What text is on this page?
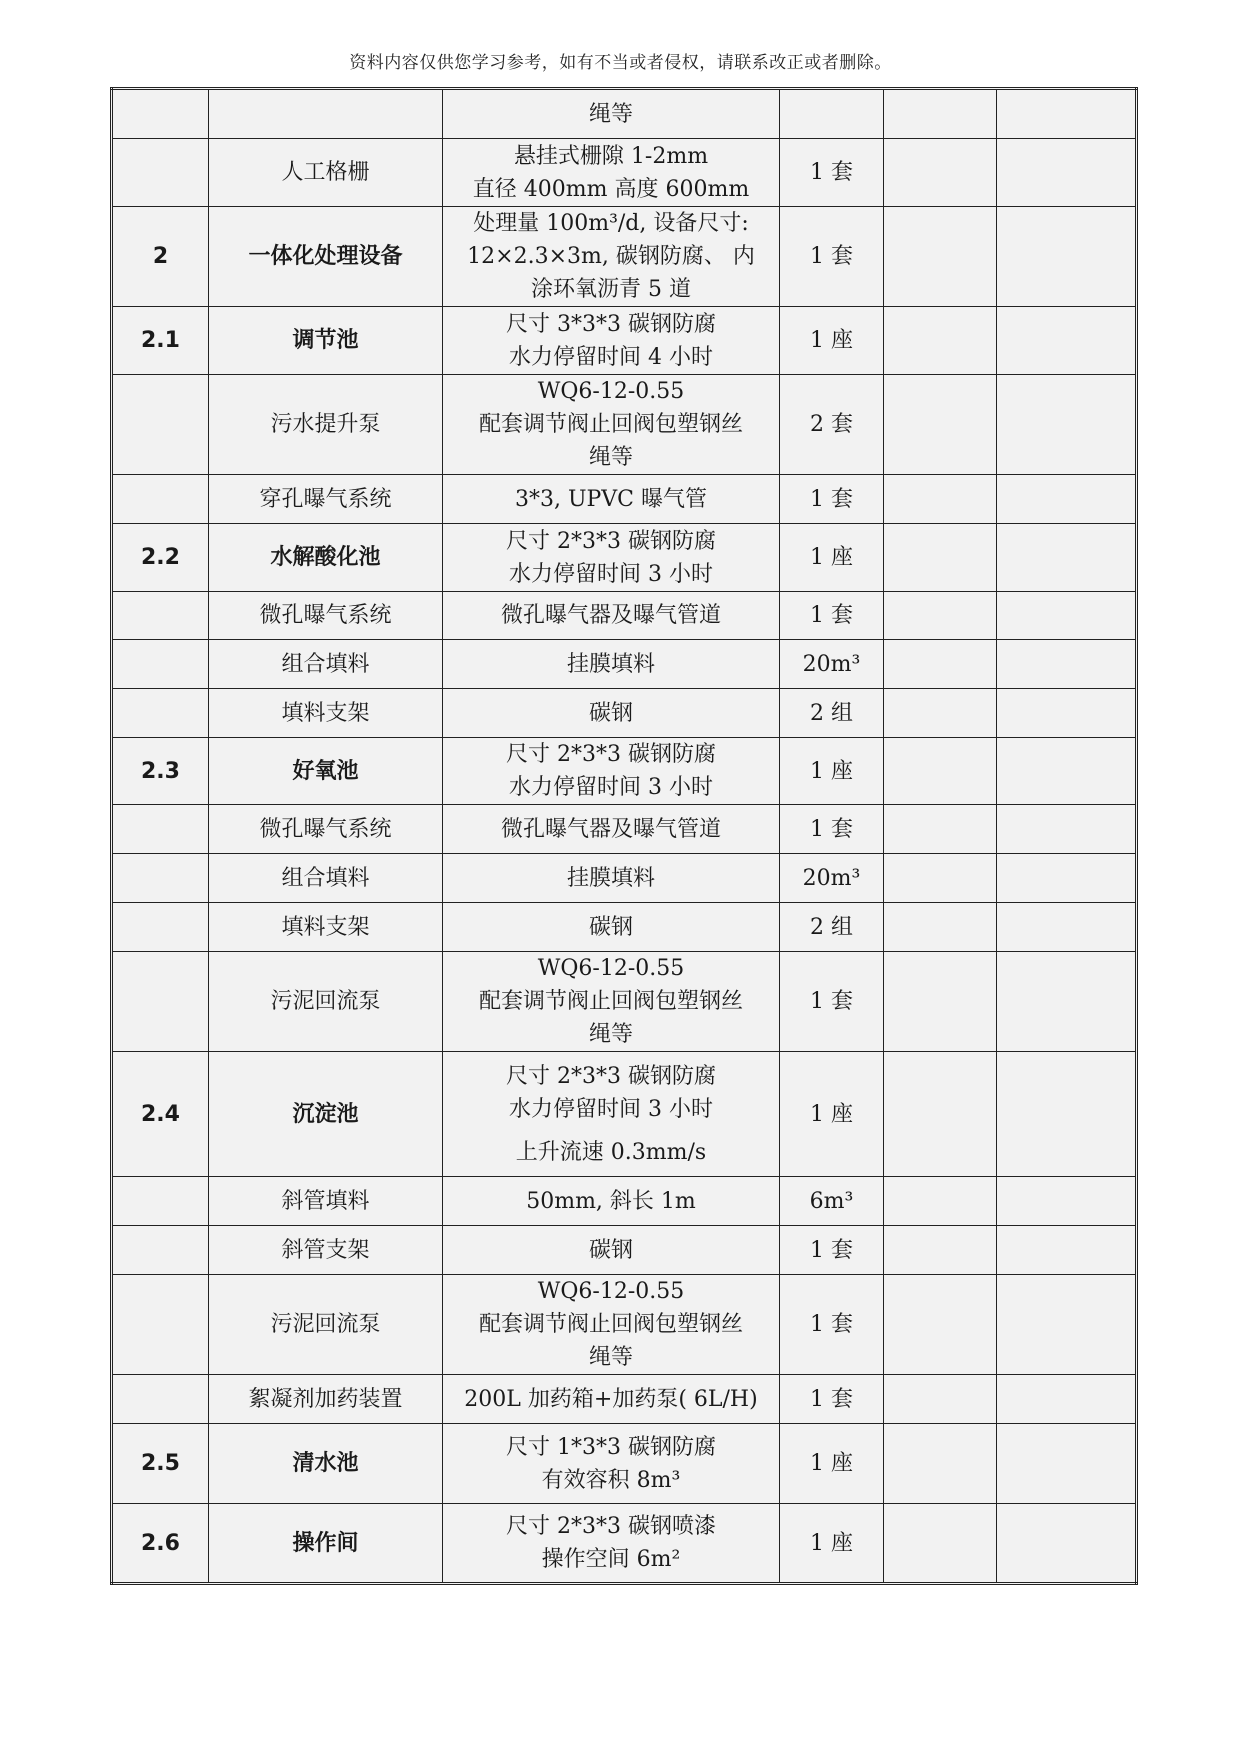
资料内容仅供您学习参考，如有不当或者侵权，请联系改正或者删除。

		绳等			

	人工格栅	悬挂式栅隙 1-2mm
直径 400mm 高度 600mm	1 套		
2	一体化处理设备	处理量 100m³/d, 设备尺寸:
12×2.3×3m, 碳钢防腐、 内
涂环氧沥青 5 道	1 套		
2.1	调节池	尺寸 3*3*3 碳钢防腐
水力停留时间 4 小时	1 座		
	污水提升泵	WQ6-12-0.55
配套调节阀止回阀包塑钢丝
绳等	2 套		
	穿孔曝气系统	3*3, UPVC 曝气管	1 套		
2.2	水解酸化池	尺寸 2*3*3 碳钢防腐
水力停留时间 3 小时	1 座		
	微孔曝气系统	微孔曝气器及曝气管道	1 套		
	组合填料	挂膜填料	20m³		
	填料支架	碳钢	2 组		
2.3	好氧池	尺寸 2*3*3 碳钢防腐
水力停留时间 3 小时	1 座		
	微孔曝气系统	微孔曝气器及曝气管道	1 套		
	组合填料	挂膜填料	20m³		
	填料支架	碳钢	2 组		
	污泥回流泵	WQ6-12-0.55
配套调节阀止回阀包塑钢丝
绳等	1 套		
2.4	沉淀池	尺寸 2*3*3 碳钢防腐
水力停留时间 3 小时
上升流速 0.3mm/s	1 座		
	斜管填料	50mm, 斜长 1m	6m³		
	斜管支架	碳钢	1 套		
	污泥回流泵	WQ6-12-0.55
配套调节阀止回阀包塑钢丝
绳等	1 套		
	絮凝剂加药装置	200L 加药箱+加药泵( 6L/H)	1 套		
2.5	清水池	尺寸 1*3*3 碳钢防腐
有效容积 8m³	1 座		
2.6	操作间	尺寸 2*3*3 碳钢喷漆
操作空间 6m²	1 座		
